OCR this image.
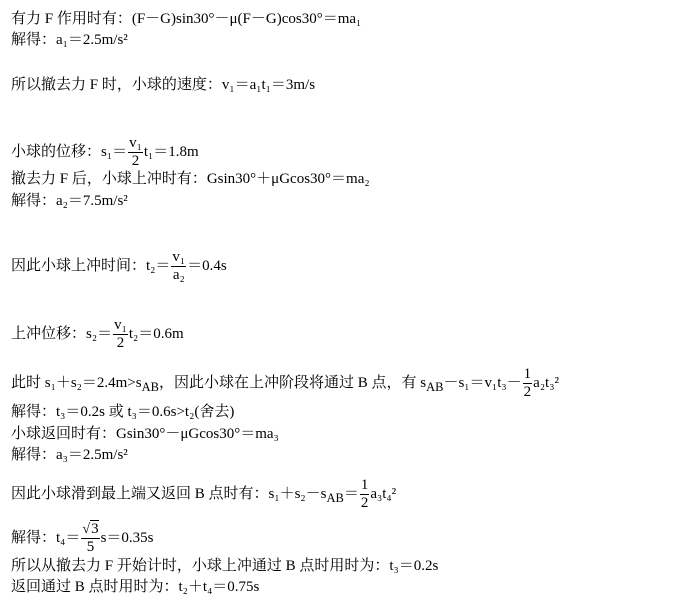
有力 F 作用时有：(F－G)sin30°－μ(F－G)cos30°＝ma₁
解得：a₁＝2.5m/s²
所以撤去力 F 时，小球的速度：v₁＝a₁t₁＝3m/s
小球的位移：$s_1= \frac{\text{v₁}}{2} t_1=1.8m$
撤去力 F 后，小球上冲时有：Gsin30°＋μGcos30°＝ma₂
解得：a₂＝7.5m/s²
因此小球上冲时间：$t_2= \frac{\text{v₁}}{\text{a₂}} =0.4s$
上冲位移：$s_2= \frac{\text{v₁}}{2} t_2=0.6m$
此时 $s_1+s_2=2.4m>s_{AB}$，因此小球在上冲阶段将通过 B 点，有 $s_{AB}-s_1=v_1t_3- \frac{1}{2} a_2t_3^2$
解得：t₃＝0.2s 或 t₃＝0.6s>t₂(舍去)
小球返回时有：Gsin30°－μGcos30°＝ma₃
解得：a₃＝2.5m/s²
因此小球滑到最上端又返回 B 点时有：$s_1+s_2-s_{AB}= \frac{1}{2} a_3t_4^2$
解得：$t_4= \frac{√3}{5} s=0.35s$
所以从撤去力 F 开始计时，小球上冲通过 B 点时用时为：t₃＝0.2s
返回通过 B 点时用时为：t₂＋t₄＝0.75s
